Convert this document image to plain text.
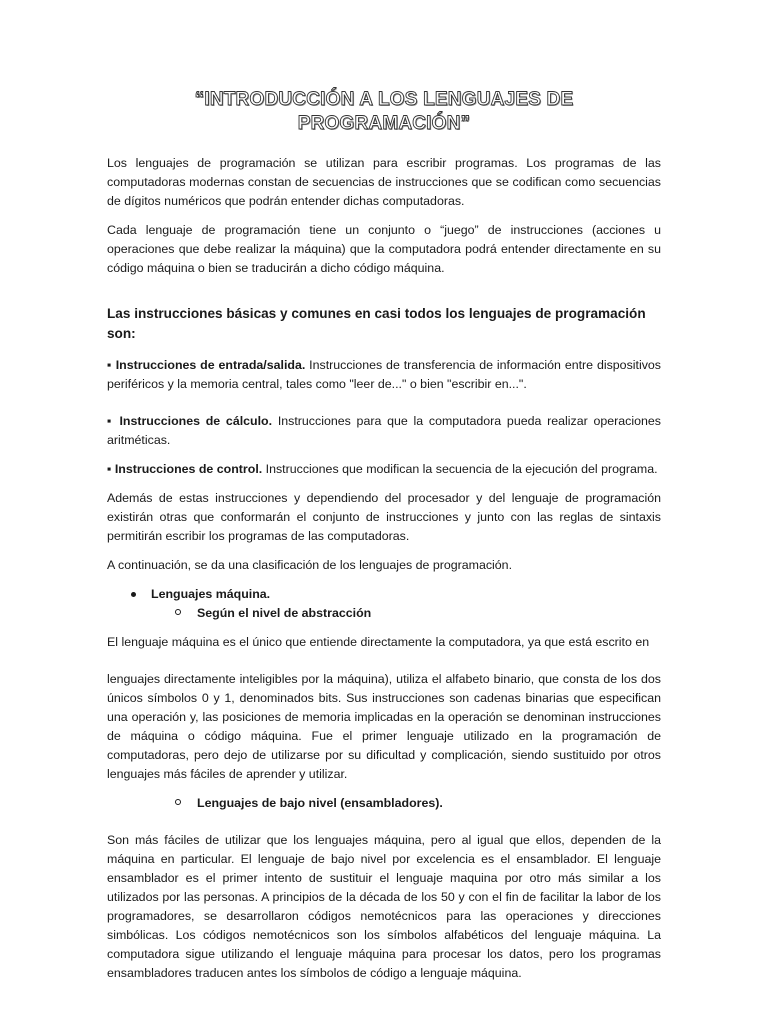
“INTRODUCCIÓN A LOS LENGUAJES DE PROGRAMACIÓN”

Los lenguajes de programación se utilizan para escribir programas. Los programas de las computadoras modernas constan de secuencias de instrucciones que se codifican como secuencias de dígitos numéricos que podrán entender dichas computadoras.

Cada lenguaje de programación tiene un conjunto o “juego” de instrucciones (acciones u operaciones que debe realizar la máquina) que la computadora podrá entender directamente en su código máquina o bien se traducirán a dicho código máquina.

Las instrucciones básicas y comunes en casi todos los lenguajes de programación son:

▪ Instrucciones de entrada/salida. Instrucciones de transferencia de información entre dispositivos periféricos y la memoria central, tales como "leer de..." o bien "escribir en...".

▪ Instrucciones de cálculo. Instrucciones para que la computadora pueda realizar operaciones aritméticas.

▪ Instrucciones de control. Instrucciones que modifican la secuencia de la ejecución del programa.

Además de estas instrucciones y dependiendo del procesador y del lenguaje de programación existirán otras que conformarán el conjunto de instrucciones y junto con las reglas de sintaxis permitirán escribir los programas de las computadoras.

A continuación, se da una clasificación de los lenguajes de programación.

Lenguajes máquina.
Según el nivel de abstracción

El lenguaje máquina es el único que entiende directamente la computadora, ya que está escrito en

lenguajes directamente inteligibles por la máquina), utiliza el alfabeto binario, que consta de los dos únicos símbolos 0 y 1, denominados bits. Sus instrucciones son cadenas binarias que especifican una operación y, las posiciones de memoria implicadas en la operación se denominan instrucciones de máquina o código máquina. Fue el primer lenguaje utilizado en la programación de computadoras, pero dejo de utilizarse por su dificultad y complicación, siendo sustituido por otros lenguajes más fáciles de aprender y utilizar.

Lenguajes de bajo nivel (ensambladores).

Son más fáciles de utilizar que los lenguajes máquina, pero al igual que ellos, dependen de la máquina en particular. El lenguaje de bajo nivel por excelencia es el ensamblador. El lenguaje ensamblador es el primer intento de sustituir el lenguaje maquina por otro más similar a los utilizados por las personas. A principios de la década de los 50 y con el fin de facilitar la labor de los programadores, se desarrollaron códigos nemotécnicos para las operaciones y direcciones simbólicas. Los códigos nemotécnicos son los símbolos alfabéticos del lenguaje máquina. La computadora sigue utilizando el lenguaje máquina para procesar los datos, pero los programas ensambladores traducen antes los símbolos de código a lenguaje máquina.
